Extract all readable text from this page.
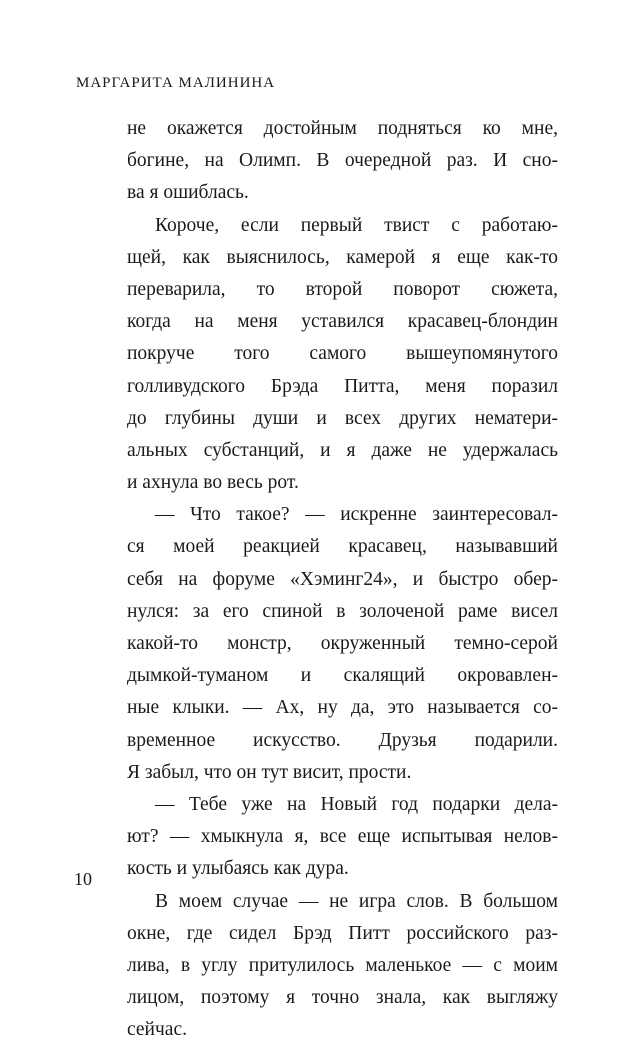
МАРГАРИТА МАЛИНИНА
не окажется достойным подняться ко мне,
богине, на Олимп. В очередной раз. И сно-
ва я ошиблась.
Короче, если первый твист с работаю-
щей, как выяснилось, камерой я еще как-то
переварила, то второй поворот сюжета,
когда на меня уставился красавец-блондин
покруче того самого вышеупомянутого
голливудского Брэда Питта, меня поразил
до глубины души и всех других нематери-
альных субстанций, и я даже не удержалась
и ахнула во весь рот.
— Что такое? — искренне заинтересовал-
ся моей реакцией красавец, называвший
себя на форуме «Хэминг24», и быстро обер-
нулся: за его спиной в золоченой раме висел
какой-то монстр, окруженный темно-серой
дымкой-туманом и скалящий окровавлен-
ные клыки. — Ах, ну да, это называется со-
временное искусство. Друзья подарили.
Я забыл, что он тут висит, прости.
— Тебе уже на Новый год подарки дела-
ют? — хмыкнула я, все еще испытывая нелов-
кость и улыбаясь как дура.
В моем случае — не игра слов. В большом
окне, где сидел Брэд Питт российского раз-
лива, в углу притулилось маленькое — с моим
лицом, поэтому я точно знала, как выгляжу
сейчас.
10
